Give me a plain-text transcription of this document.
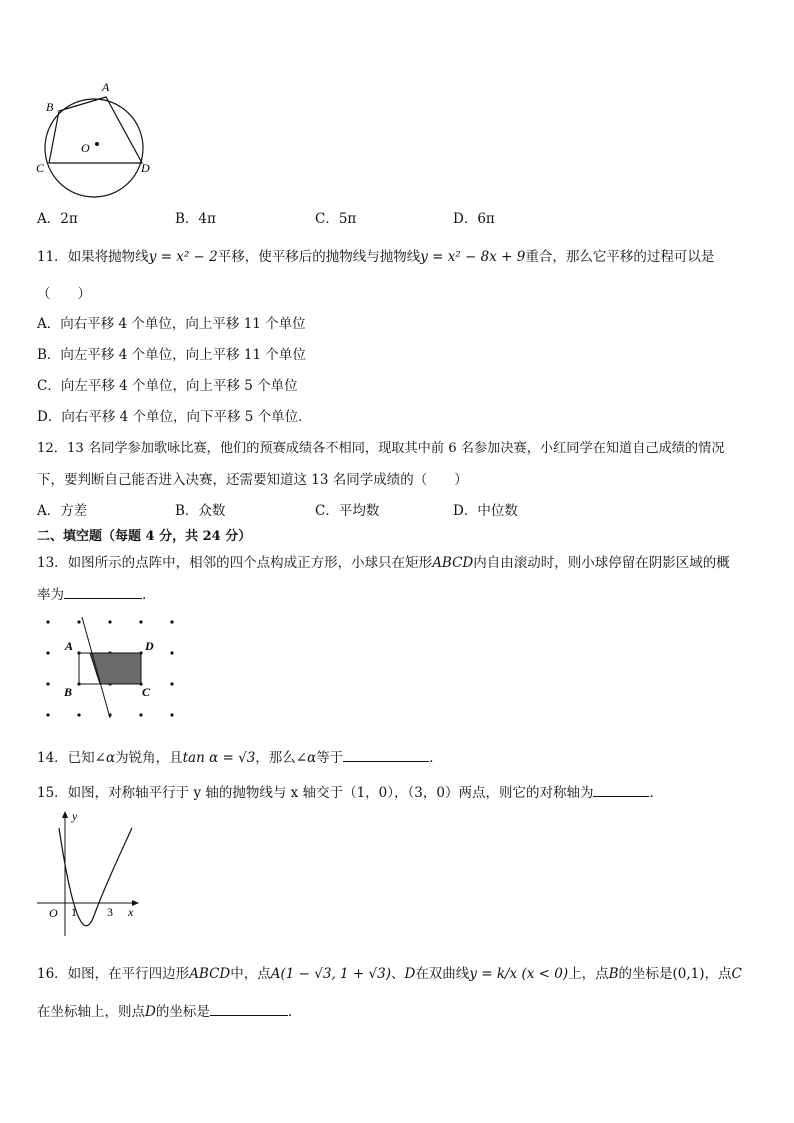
A
B
C	D
O
A．2π	B．4π	C．5π	D．6π
11．如果将抛物线y = x² − 2平移，使平移后的抛物线与抛物线y = x² − 8x + 9重合，那么它平移的过程可以是
（　　）
A．向右平移 4 个单位，向上平移 11 个单位
B．向左平移 4 个单位，向上平移 11 个单位
C．向左平移 4 个单位，向上平移 5 个单位
D．向右平移 4 个单位，向下平移 5 个单位．
12．13 名同学参加歌咏比赛，他们的预赛成绩各不相同，现取其中前 6 名参加决赛，小红同学在知道自己成绩的情况
下，要判断自己能否进入决赛，还需要知道这 13 名同学成绩的（　　）
A．方差	B．众数	C．平均数	D．中位数
二、填空题（每题 4 分，共 24 分）
13．如图所示的点阵中，相邻的四个点构成正方形，小球只在矩形ABCD内自由滚动时，则小球停留在阴影区域的概
率为	.
A	D
B	C
14．已知∠α为锐角，且tan α = √3，那么∠α等于	．
15．如图，对称轴平行于 y 轴的抛物线与 x 轴交于（1，0），（3，0）两点，则它的对称轴为	.
y
x
O 1	3
16．如图，在平行四边形ABCD中，点A(1 − √3, 1 + √3)、D在双曲线y = k/x (x < 0)上，点B的坐标是(0,1)，点C
在坐标轴上，则点D的坐标是	.
